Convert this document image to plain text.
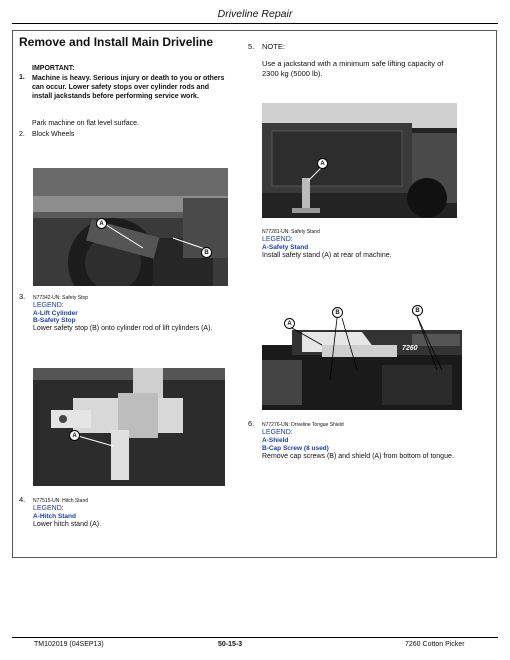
Driveline Repair
Remove and Install Main Driveline
IMPORTANT:
1. Machine is heavy. Serious injury or death to you or others
can occur. Lower safety stops over cylinder rods and
install jackstands before performing service work.
Park machine on flat level surface.
2. Block Wheels
A
B
3. N77342-UN: Safety Stop
LEGEND:
A-Lift Cylinder
B-Safety Stop
Lower safety stop (B) onto cylinder rod of lift cylinders (A).
A
4. N77515-UN: Hitch Stand
LEGEND:
A-Hitch Stand
Lower hitch stand (A).
5. NOTE:
Use a jackstand with a minimum safe lifting capacity of
2300 kg (5000 lb).
A
N77281-UN: Safety Stand
LEGEND:
A-Safety Stand
Install safety stand (A) at rear of machine.
A
B	B
7260
6. N77276-UN: Driveline Tongue Shield
LEGEND:
A-Shield
B-Cap Screw (8 used)
Remove cap screws (B) and shield (A) from bottom of tongue.
TM102019 (04SEP13)	50-15-3	7260 Cotton Picker
